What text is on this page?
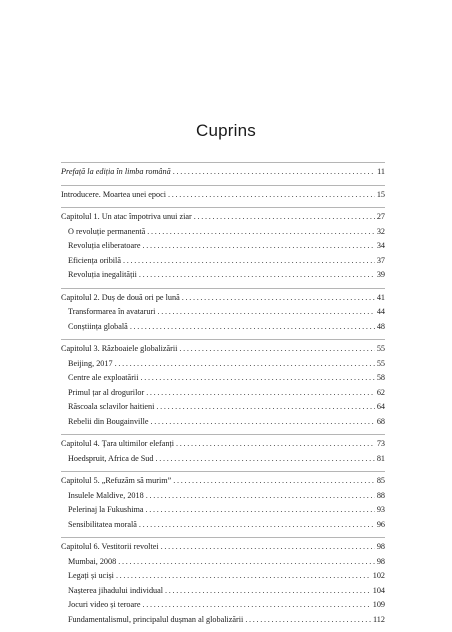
Cuprins
Prefață la ediția în limba română .....	11
Introducere. Moartea unei epoci .....	15
Capitolul 1. Un atac împotriva unui ziar .....	27
O revoluție permanentă .....	32
Revoluția eliberatoare .....	34
Eficiența oribilă .....	37
Revoluția inegalității .....	39
Capitolul 2. Duș de două ori pe lună .....	41
Transformarea în avataruri .....	44
Conștiința globală .....	48
Capitolul 3. Războaiele globalizării .....	55
Beijing, 2017 .....	55
Centre ale exploatării .....	58
Primul țar al drogurilor .....	62
Răscoala sclavilor haitieni .....	64
Rebelii din Bougainville .....	68
Capitolul 4. Țara ultimilor elefanți .....	73
Hoedspruit, Africa de Sud .....	81
Capitolul 5. „Refuzăm să murim” .....	85
Insulele Maldive, 2018 .....	88
Pelerinaj la Fukushima .....	93
Sensibilitatea morală .....	96
Capitolul 6. Vestitorii revoltei .....	98
Mumbai, 2008 .....	98
Legați și uciși .....	102
Nașterea jihadului individual .....	104
Jocuri video și teroare .....	109
Fundamentalismul, principalul dușman al globalizării .....	112
